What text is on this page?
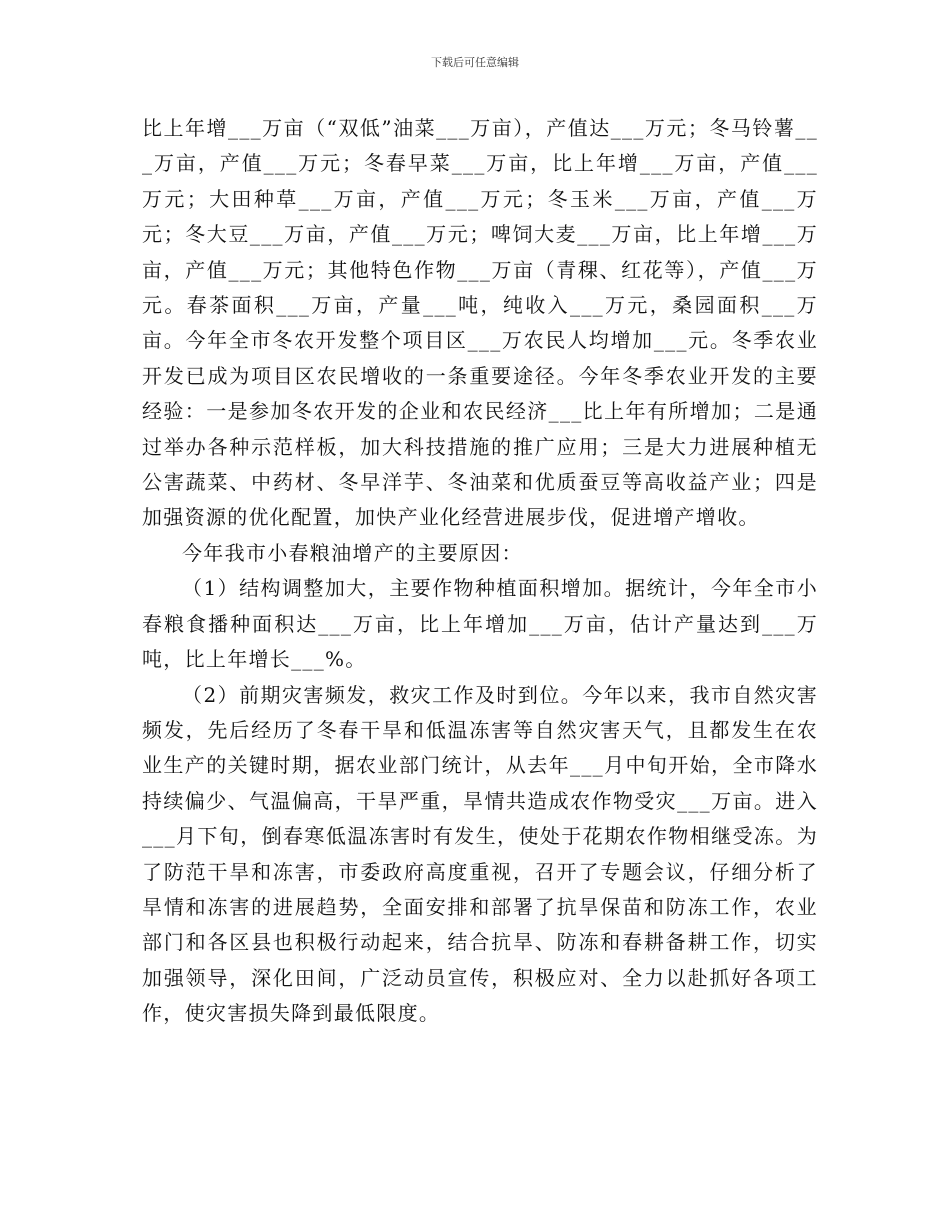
下载后可任意编辑

比上年增___万亩（“双低”油菜___万亩），产值达___万元；冬马铃薯___万亩，产值___万元；冬春早菜___万亩，比上年增___万亩，产值___万元；大田种草___万亩，产值___万元；冬玉米___万亩，产值___万元；冬大豆___万亩，产值___万元；啤饲大麦___万亩，比上年增___万亩，产值___万元；其他特色作物___万亩（青稞、红花等），产值___万元。春茶面积___万亩，产量___吨，纯收入___万元，桑园面积___万亩。今年全市冬农开发整个项目区___万农民人均增加___元。冬季农业开发已成为项目区农民增收的一条重要途径。今年冬季农业开发的主要经验：一是参加冬农开发的企业和农民经济___比上年有所增加；二是通过举办各种示范样板，加大科技措施的推广应用；三是大力进展种植无公害蔬菜、中药材、冬早洋芋、冬油菜和优质蚕豆等高收益产业；四是加强资源的优化配置，加快产业化经营进展步伐，促进增产增收。

今年我市小春粮油增产的主要原因：

（1）结构调整加大，主要作物种植面积增加。据统计，今年全市小春粮食播种面积达___万亩，比上年增加___万亩，估计产量达到___万吨，比上年增长___%。

（2）前期灾害频发，救灾工作及时到位。今年以来，我市自然灾害频发，先后经历了冬春干旱和低温冻害等自然灾害天气，且都发生在农业生产的关键时期，据农业部门统计，从去年___月中旬开始，全市降水持续偏少、气温偏高，干旱严重，旱情共造成农作物受灾___万亩。进入___月下旬，倒春寒低温冻害时有发生，使处于花期农作物相继受冻。为了防范干旱和冻害，市委政府高度重视，召开了专题会议，仔细分析了旱情和冻害的进展趋势，全面安排和部署了抗旱保苗和防冻工作，农业部门和各区县也积极行动起来，结合抗旱、防冻和春耕备耕工作，切实加强领导，深化田间，广泛动员宣传，积极应对、全力以赴抓好各项工作，使灾害损失降到最低限度。
